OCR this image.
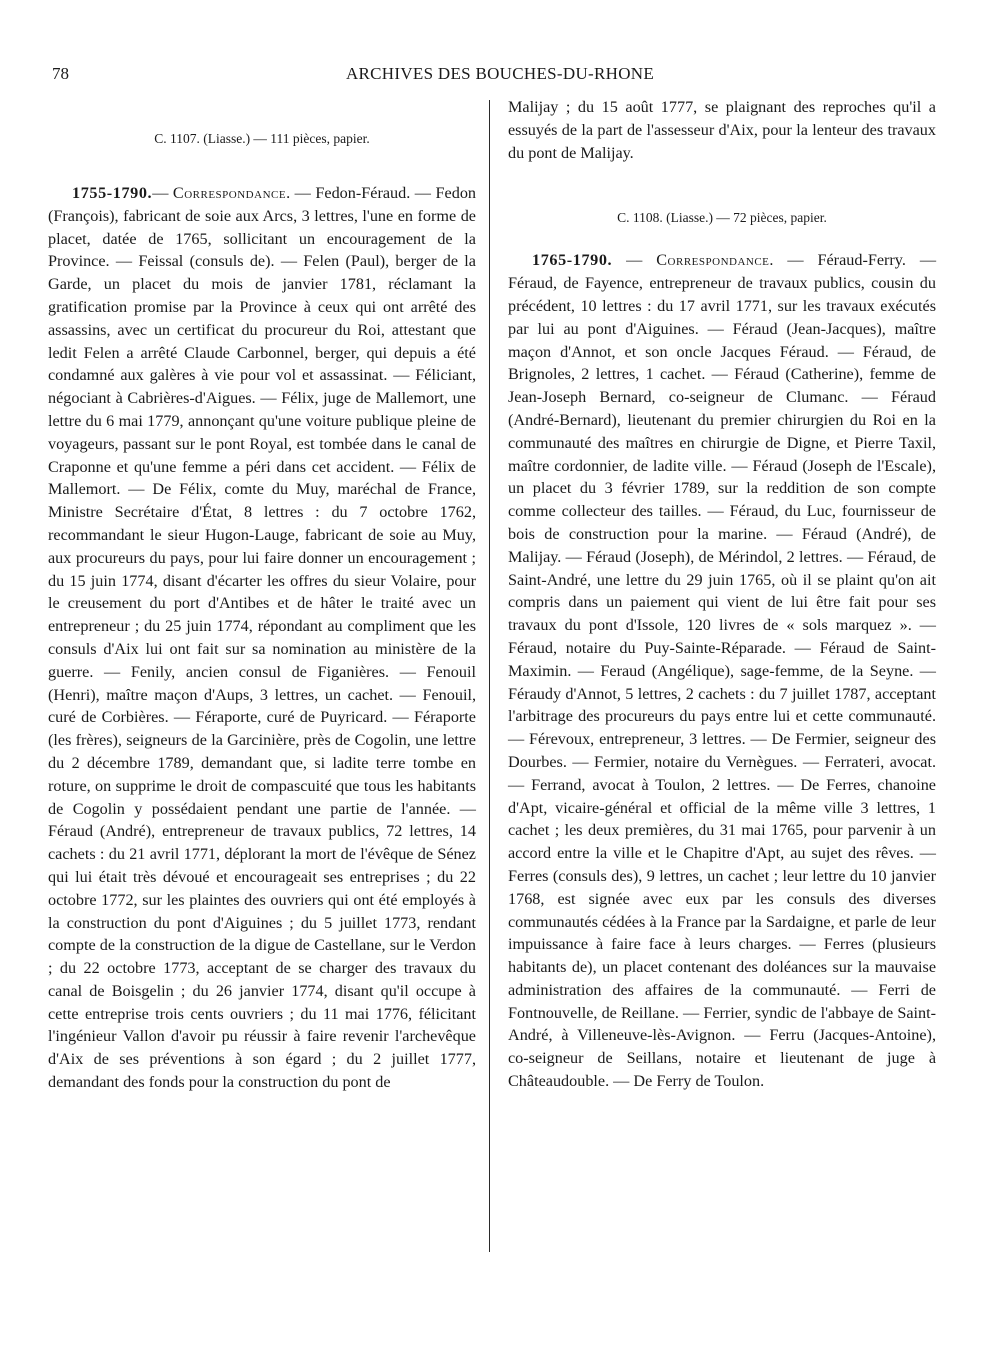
78	ARCHIVES DES BOUCHES-DU-RHONE

C. 1107. (Liasse.) — 111 pièces, papier.

1755-1790.— Correspondance. — Fedon-Féraud. — Fedon (François), fabricant de soie aux Arcs, 3 lettres, l'une en forme de placet, datée de 1765, sollicitant un encouragement de la Province. — Feissal (consuls de). — Felen (Paul), berger de la Garde, un placet du mois de janvier 1781, réclamant la gratification promise par la Province à ceux qui ont arrêté des assassins, avec un certificat du procureur du Roi, attestant que ledit Felen a arrêté Claude Carbonnel, berger, qui depuis a été condamné aux galères à vie pour vol et assassinat. — Féliciant, négociant à Cabrières-d'Aigues. — Félix, juge de Mallemort, une lettre du 6 mai 1779, annonçant qu'une voiture publique pleine de voyageurs, passant sur le pont Royal, est tombée dans le canal de Craponne et qu'une femme a péri dans cet accident. — Félix de Mallemort. — De Félix, comte du Muy, maréchal de France, Ministre Secrétaire d'État, 8 lettres : du 7 octobre 1762, recommandant le sieur Hugon-Lauge, fabricant de soie au Muy, aux procureurs du pays, pour lui faire donner un encouragement ; du 15 juin 1774, disant d'écarter les offres du sieur Volaire, pour le creusement du port d'Antibes et de hâter le traité avec un entrepreneur ; du 25 juin 1774, répondant au compliment que les consuls d'Aix lui ont fait sur sa nomination au ministère de la guerre. — Fenily, ancien consul de Figanières. — Fenouil (Henri), maître maçon d'Aups, 3 lettres, un cachet. — Fenouil, curé de Corbières. — Féraporte, curé de Puyricard. — Féraporte (les frères), seigneurs de la Garcinière, près de Cogolin, une lettre du 2 décembre 1789, demandant que, si ladite terre tombe en roture, on supprime le droit de compascuité que tous les habitants de Cogolin y possédaient pendant une partie de l'année. — Féraud (André), entrepreneur de travaux publics, 72 lettres, 14 cachets : du 21 avril 1771, déplorant la mort de l'évêque de Sénez qui lui était très dévoué et encourageait ses entreprises ; du 22 octobre 1772, sur les plaintes des ouvriers qui ont été employés à la construction du pont d'Aiguines ; du 5 juillet 1773, rendant compte de la construction de la digue de Castellane, sur le Verdon ; du 22 octobre 1773, acceptant de se charger des travaux du canal de Boisgelin ; du 26 janvier 1774, disant qu'il occupe à cette entreprise trois cents ouvriers ; du 11 mai 1776, félicitant l'ingénieur Vallon d'avoir pu réussir à faire revenir l'archevêque d'Aix de ses préventions à son égard ; du 2 juillet 1777, demandant des fonds pour la construction du pont de

Malijay ; du 15 août 1777, se plaignant des reproches qu'il a essuyés de la part de l'assesseur d'Aix, pour la lenteur des travaux du pont de Malijay.

C. 1108. (Liasse.) — 72 pièces, papier.

1765-1790. — Correspondance. — Féraud-Ferry. — Féraud, de Fayence, entrepreneur de travaux publics, cousin du précédent, 10 lettres : du 17 avril 1771, sur les travaux exécutés par lui au pont d'Aiguines. — Féraud (Jean-Jacques), maître maçon d'Annot, et son oncle Jacques Féraud. — Féraud, de Brignoles, 2 lettres, 1 cachet. — Féraud (Catherine), femme de Jean-Joseph Bernard, co-seigneur de Clumanc. — Féraud (André-Bernard), lieutenant du premier chirurgien du Roi en la communauté des maîtres en chirurgie de Digne, et Pierre Taxil, maître cordonnier, de ladite ville. — Féraud (Joseph de l'Escale), un placet du 3 février 1789, sur la reddition de son compte comme collecteur des tailles. — Féraud, du Luc, fournisseur de bois de construction pour la marine. — Féraud (André), de Malijay. — Féraud (Joseph), de Mérindol, 2 lettres. — Féraud, de Saint-André, une lettre du 29 juin 1765, où il se plaint qu'on ait compris dans un paiement qui vient de lui être fait pour ses travaux du pont d'Issole, 120 livres de « sols marquez ». — Féraud, notaire du Puy-Sainte-Réparade. — Féraud de Saint-Maximin. — Feraud (Angélique), sage-femme, de la Seyne. — Féraudy d'Annot, 5 lettres, 2 cachets : du 7 juillet 1787, acceptant l'arbitrage des procureurs du pays entre lui et cette communauté. — Férevoux, entrepreneur, 3 lettres. — De Fermier, seigneur des Dourbes. — Fermier, notaire du Vernègues. — Ferrateri, avocat. — Ferrand, avocat à Toulon, 2 lettres. — De Ferres, chanoine d'Apt, vicaire-général et official de la même ville 3 lettres, 1 cachet ; les deux premières, du 31 mai 1765, pour parvenir à un accord entre la ville et le Chapitre d'Apt, au sujet des rêves. — Ferres (consuls des), 9 lettres, un cachet ; leur lettre du 10 janvier 1768, est signée avec eux par les consuls des diverses communautés cédées à la France par la Sardaigne, et parle de leur impuissance à faire face à leurs charges. — Ferres (plusieurs habitants de), un placet contenant des doléances sur la mauvaise administration des affaires de la communauté. — Ferri de Fontnouvelle, de Reillane. — Ferrier, syndic de l'abbaye de Saint-André, à Villeneuve-lès-Avignon. — Ferru (Jacques-Antoine), co-seigneur de Seillans, notaire et lieutenant de juge à Châteaudouble. — De Ferry de Toulon.
